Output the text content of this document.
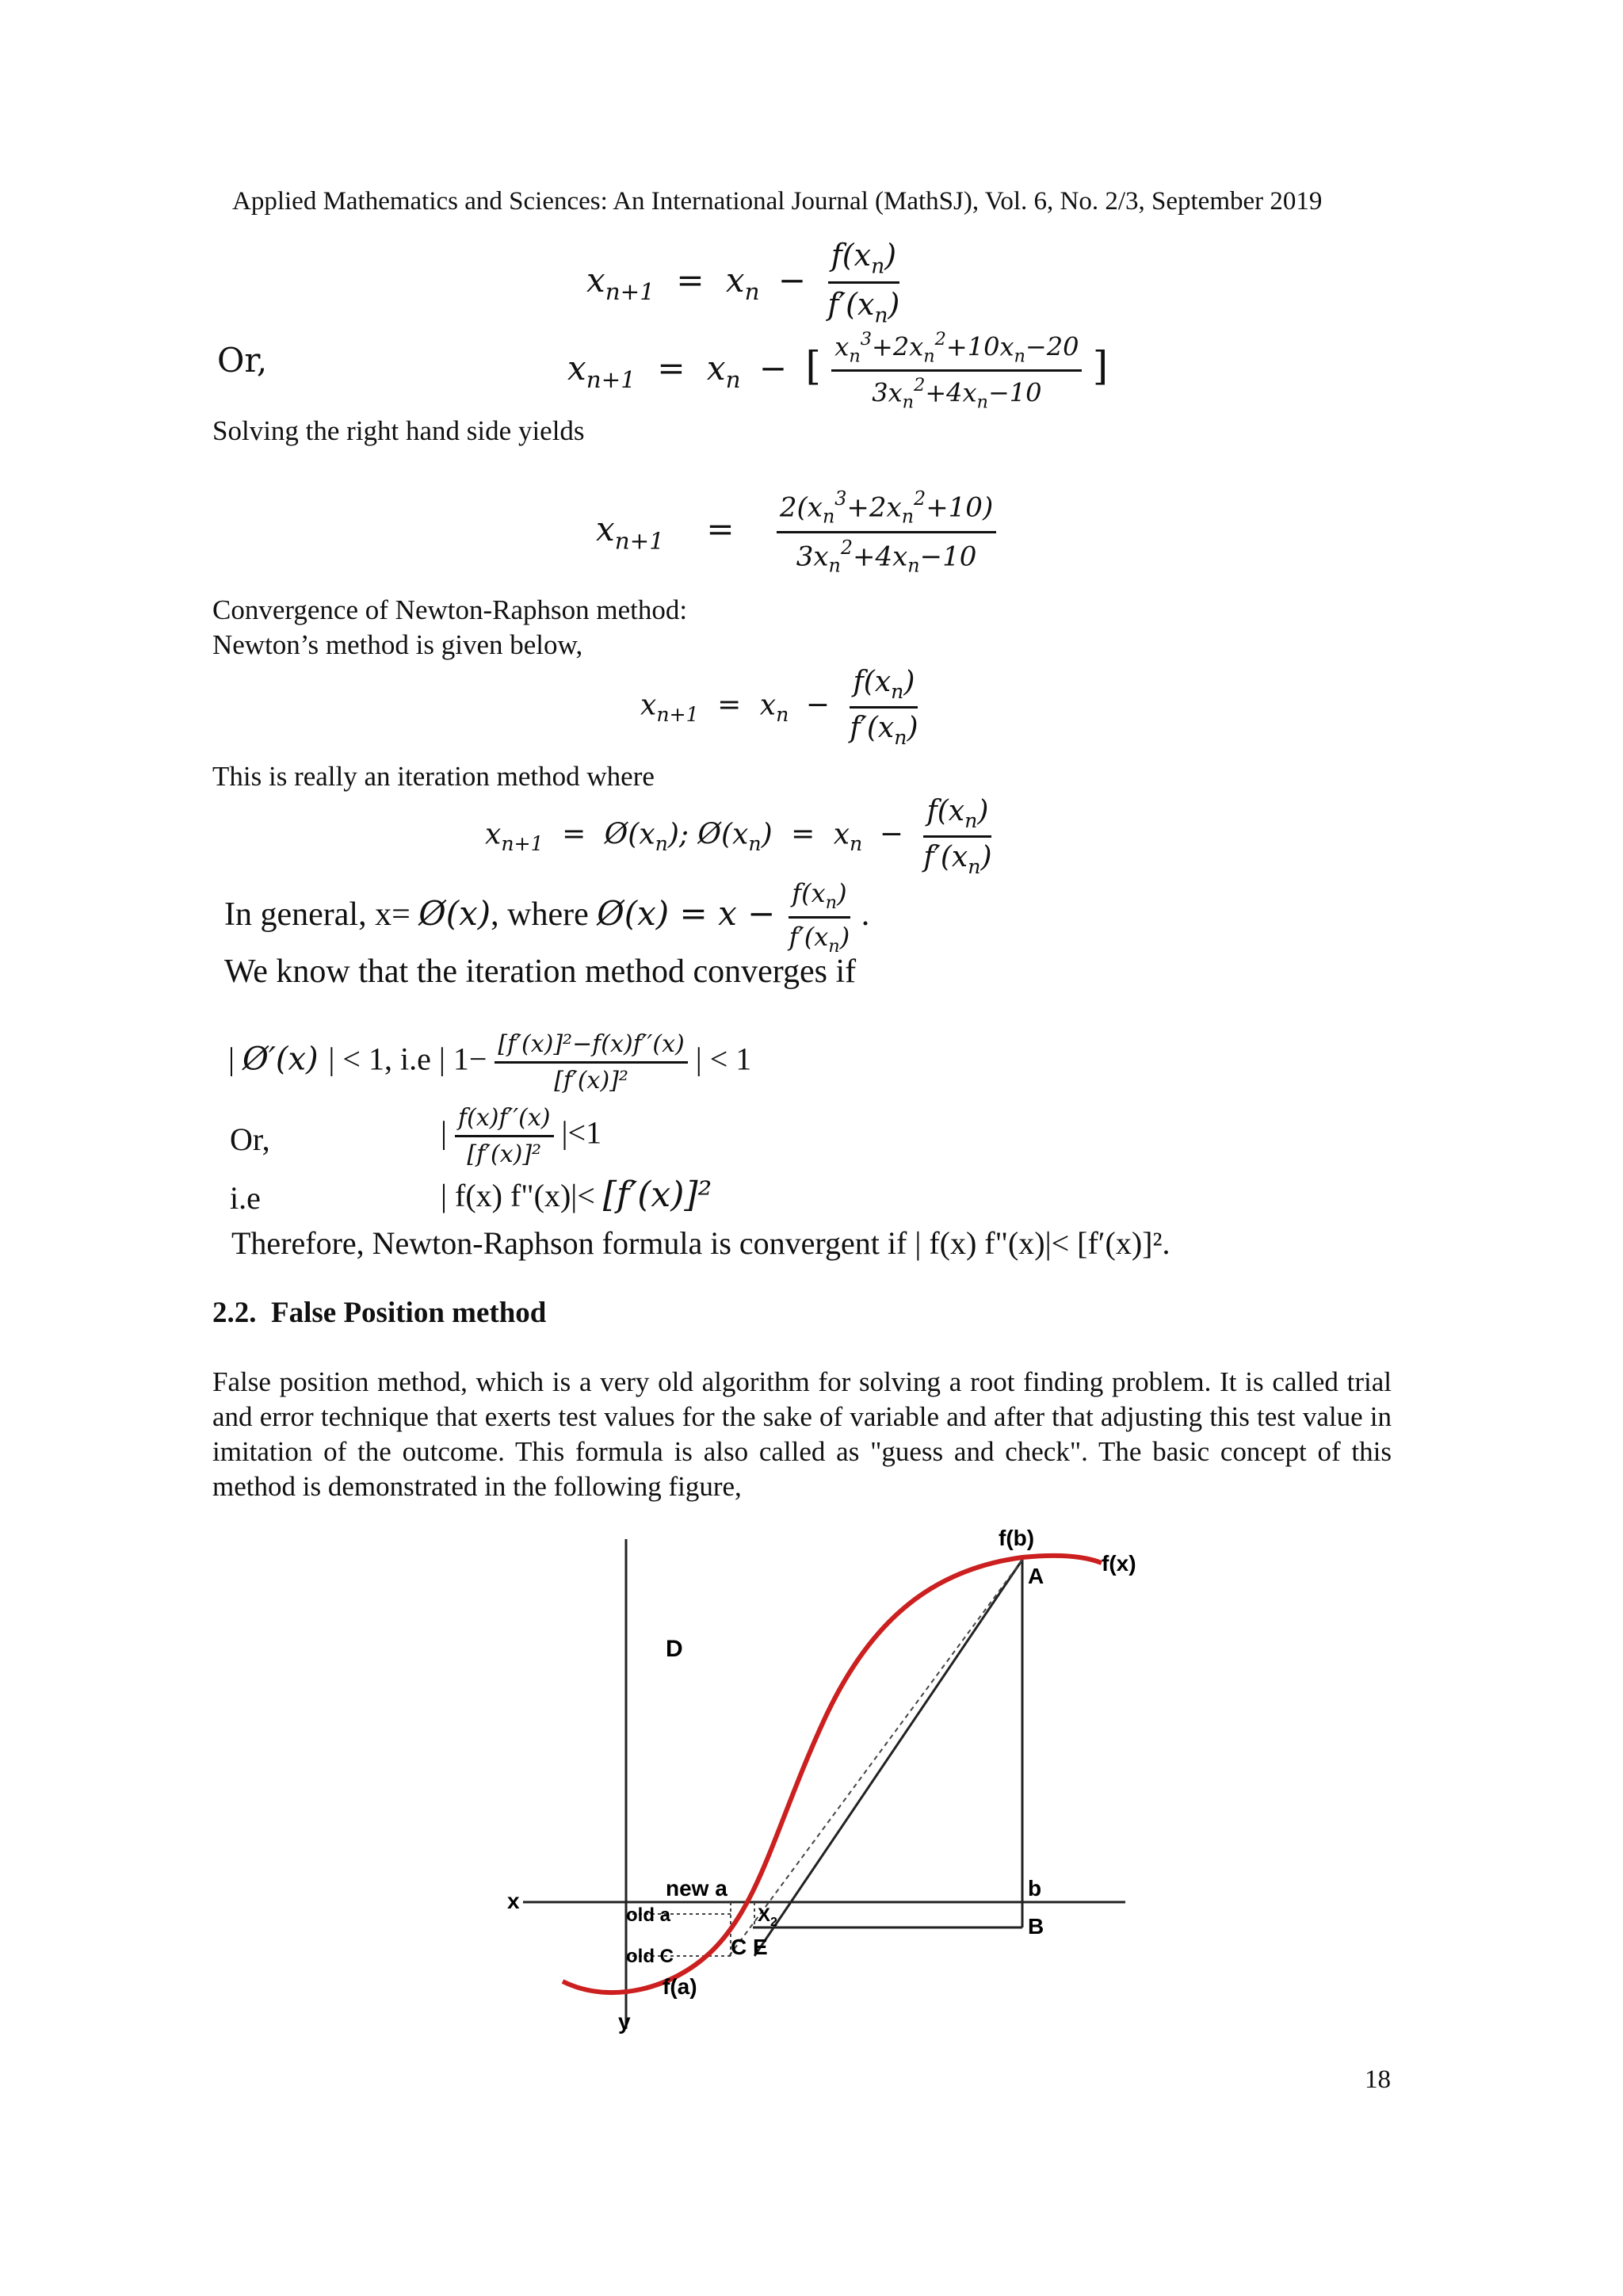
Applied Mathematics and Sciences: An International Journal (MathSJ), Vol. 6, No. 2/3, September 2019
$x_{n+1} = x_n - \frac{f(x_n)}{f'(x_n)}$
Or,	$x_{n+1} = x_n$ − [ $\frac{x_n^3+2x_n^2+10x_n-20}{3x_n^2+4x_n-10}$ ]
Solving the right hand side yields
$x_{n+1} = \frac{2(x_n^3+2x_n^2+10)}{3x_n^2+4x_n-10}$
Convergence of Newton-Raphson method:
Newton’s method is given below,
$x_{n+1} = x_n - \frac{f(x_n)}{f'(x_n)}$
This is really an iteration method where
$x_{n+1}$ = $Ø(x_n)$; $Ø(x_n) = x_n - \frac{f(x_n)}{f'(x_n)}$
In general, x= Ø(x), where Ø(x) = $x - \frac{f(x_n)}{f'(x_n)}$ .
We know that the iteration method converges if
| Ø′(x) | < 1, i.e | $1- \frac{\text{[f′(x)]²−f(x)f′′(x)}}{\text{[f′(x)]²}}$ | < 1
Or,	| $\frac{f(x)f''(x)}{\text{[f′(x)]²}} |<1$
i.e	| f(x) f"(x)|< [f′(x)]²
Therefore, Newton-Raphson formula is convergent if | f(x) f"(x)|< [f′(x)]².
2.2. False Position method
False position method, which is a very old algorithm for solving a root finding problem. It is called trial and error technique that exerts test values for the sake of variable and after that adjusting this test value in imitation of the outcome. This formula is also called as "guess and check". The basic concept of this method is demonstrated in the following figure,
f(b)
f(x)
A
D
x
new a	b
old a	$X_2$	B
old C	C E
f(a)
y
18
